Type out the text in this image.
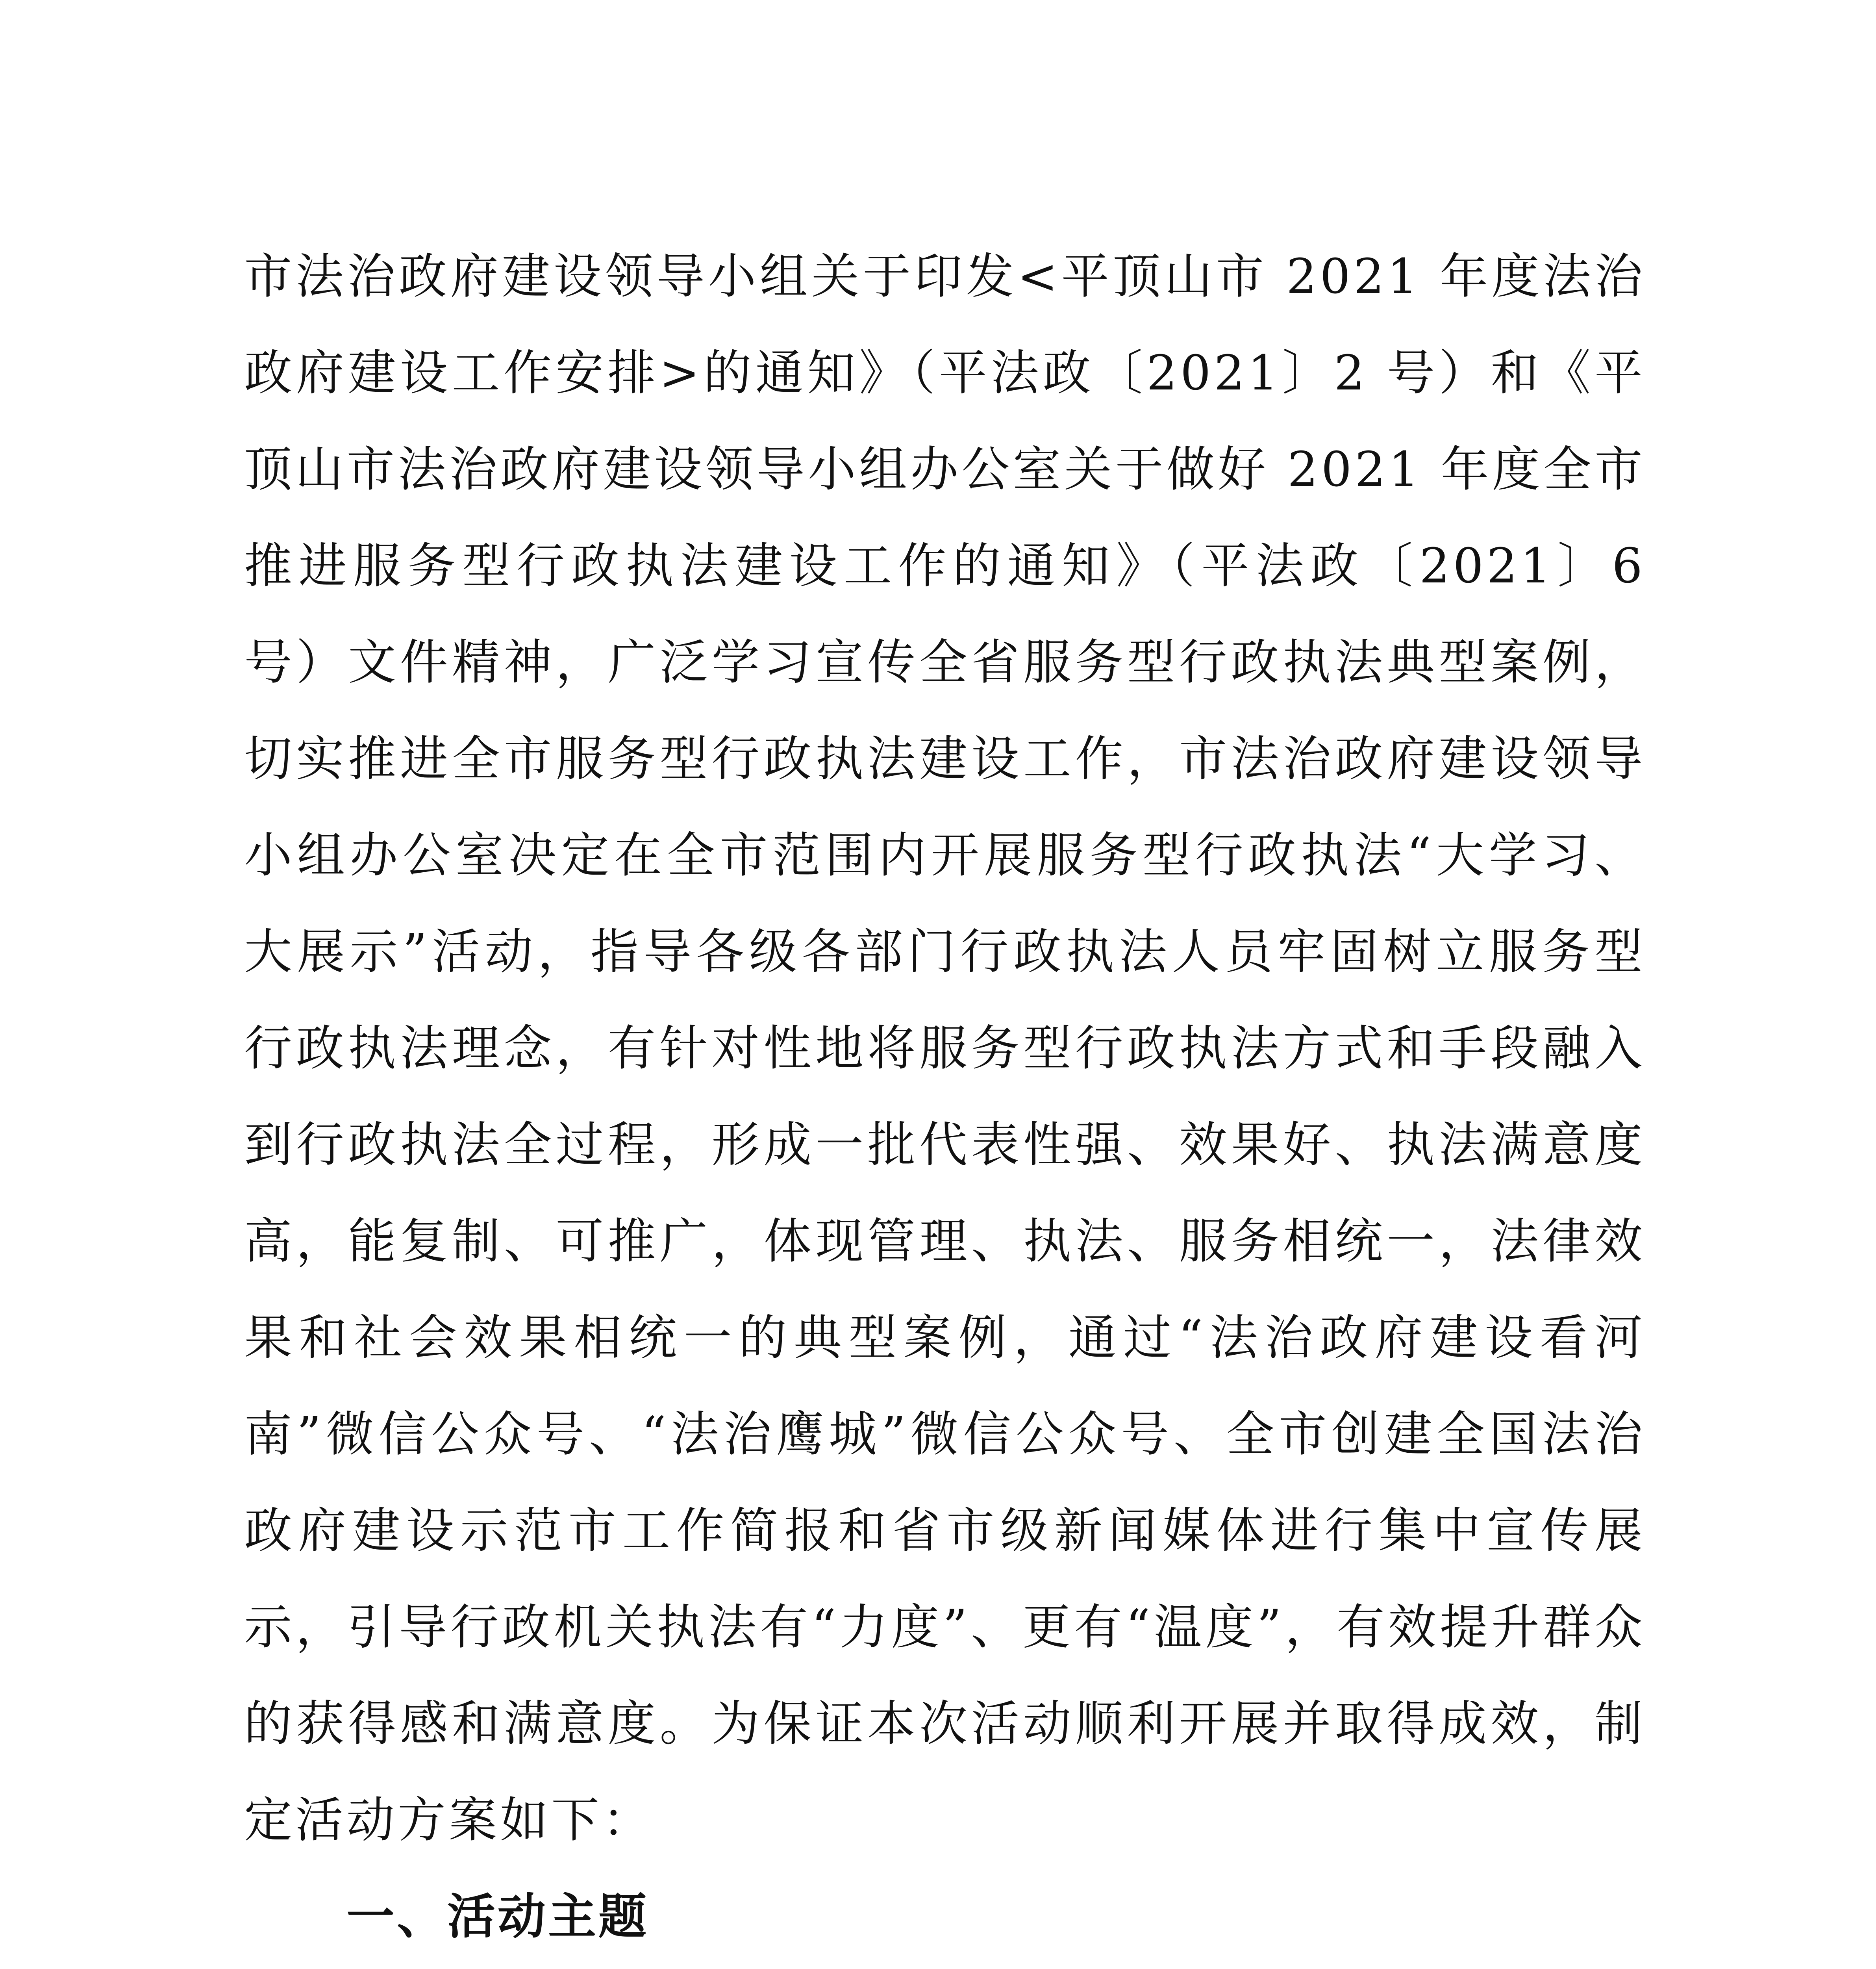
市法治政府建设领导小组关于印发<平顶山市 2021 年度法治政府建设工作安排>的通知》（平法政〔2021〕2 号）和《平顶山市法治政府建设领导小组办公室关于做好 2021 年度全市推进服务型行政执法建设工作的通知》（平法政〔2021〕6 号）文件精神，广泛学习宣传全省服务型行政执法典型案例，切实推进全市服务型行政执法建设工作，市法治政府建设领导小组办公室决定在全市范围内开展服务型行政执法“大学习、大展示”活动，指导各级各部门行政执法人员牢固树立服务型行政执法理念，有针对性地将服务型行政执法方式和手段融入到行政执法全过程，形成一批代表性强、效果好、执法满意度高，能复制、可推广，体现管理、执法、服务相统一，法律效果和社会效果相统一的典型案例，通过“法治政府建设看河南”微信公众号、“法治鹰城”微信公众号、全市创建全国法治政府建设示范市工作简报和省市级新闻媒体进行集中宣传展示，引导行政机关执法有“力度”、更有“温度”，有效提升群众的获得感和满意度。为保证本次活动顺利开展并取得成效，制定活动方案如下：

一、活动主题
